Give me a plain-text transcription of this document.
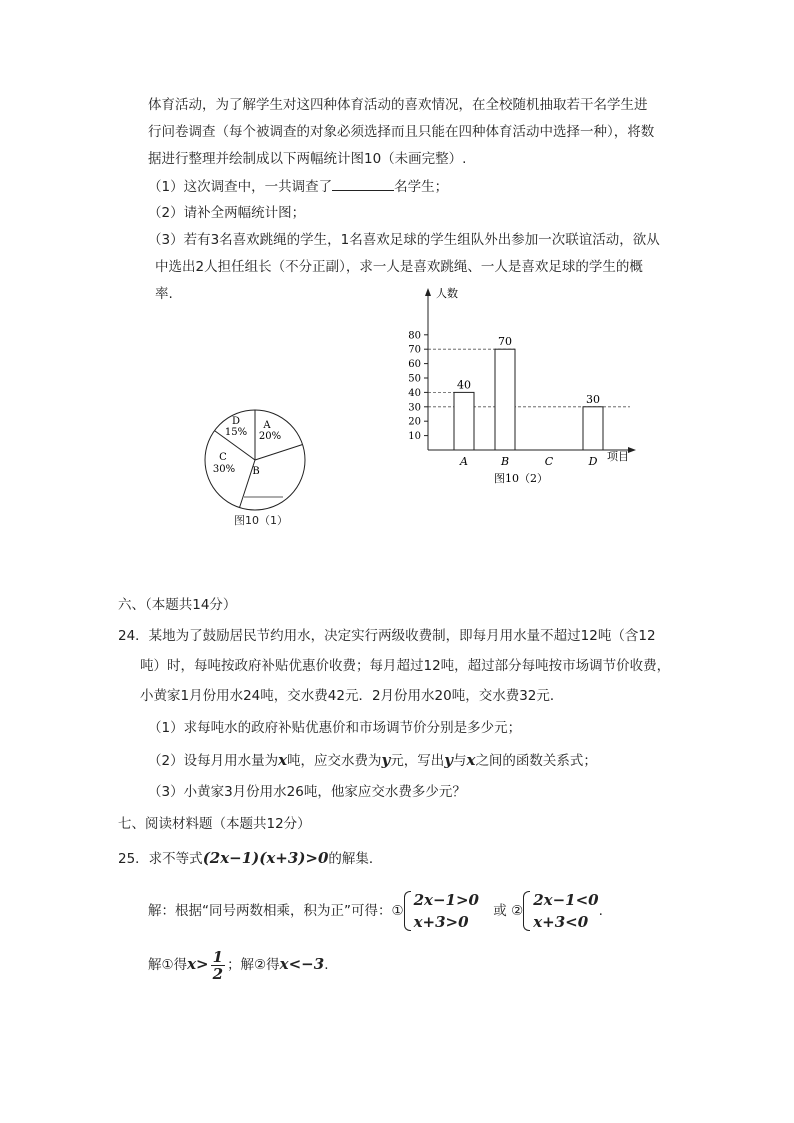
体育活动，为了解学生对这四种体育活动的喜欢情况，在全校随机抽取若干名学生进
行问卷调查（每个被调查的对象必须选择而且只能在四种体育活动中选择一种），将数
据进行整理并绘制成以下两幅统计图10（未画完整）.
（1）这次调查中，一共调查了	名学生；
（2）请补全两幅统计图；
（3）若有3名喜欢跳绳的学生，1名喜欢足球的学生组队外出参加一次联谊活动，欲从
中选出2人担任组长（不分正副），求一人是喜欢跳绳、一人是喜欢足球的学生的概
率.
D
15%
A
20%
C
30% B
图10（1）
人数
项目
10
20
30
40
50
60
70
80
40
A
70
B	C
30
D
图10（2）
六、（本题共14分）
24．某地为了鼓励居民节约用水，决定实行两级收费制，即每月用水量不超过12吨（含12
吨）时，每吨按政府补贴优惠价收费；每月超过12吨，超过部分每吨按市场调节价收费，
小黄家1月份用水24吨，交水费42元．2月份用水20吨，交水费32元．
（1）求每吨水的政府补贴优惠价和市场调节价分别是多少元；
（2）设每月用水量为x吨，应交水费为y元，写出y与x之间的函数关系式；
（3）小黄家3月份用水26吨，他家应交水费多少元？
七、阅读材料题（本题共12分）
25．求不等式(2x−1)(x+3)>0的解集．
解：根据“同号两数相乘，积为正”可得：①
2x−1>0
x+3>0
或 ②
2x−1<0
x+3<0
.
解①得$x> \frac{1}{2}$ ；解②得x<−3.
